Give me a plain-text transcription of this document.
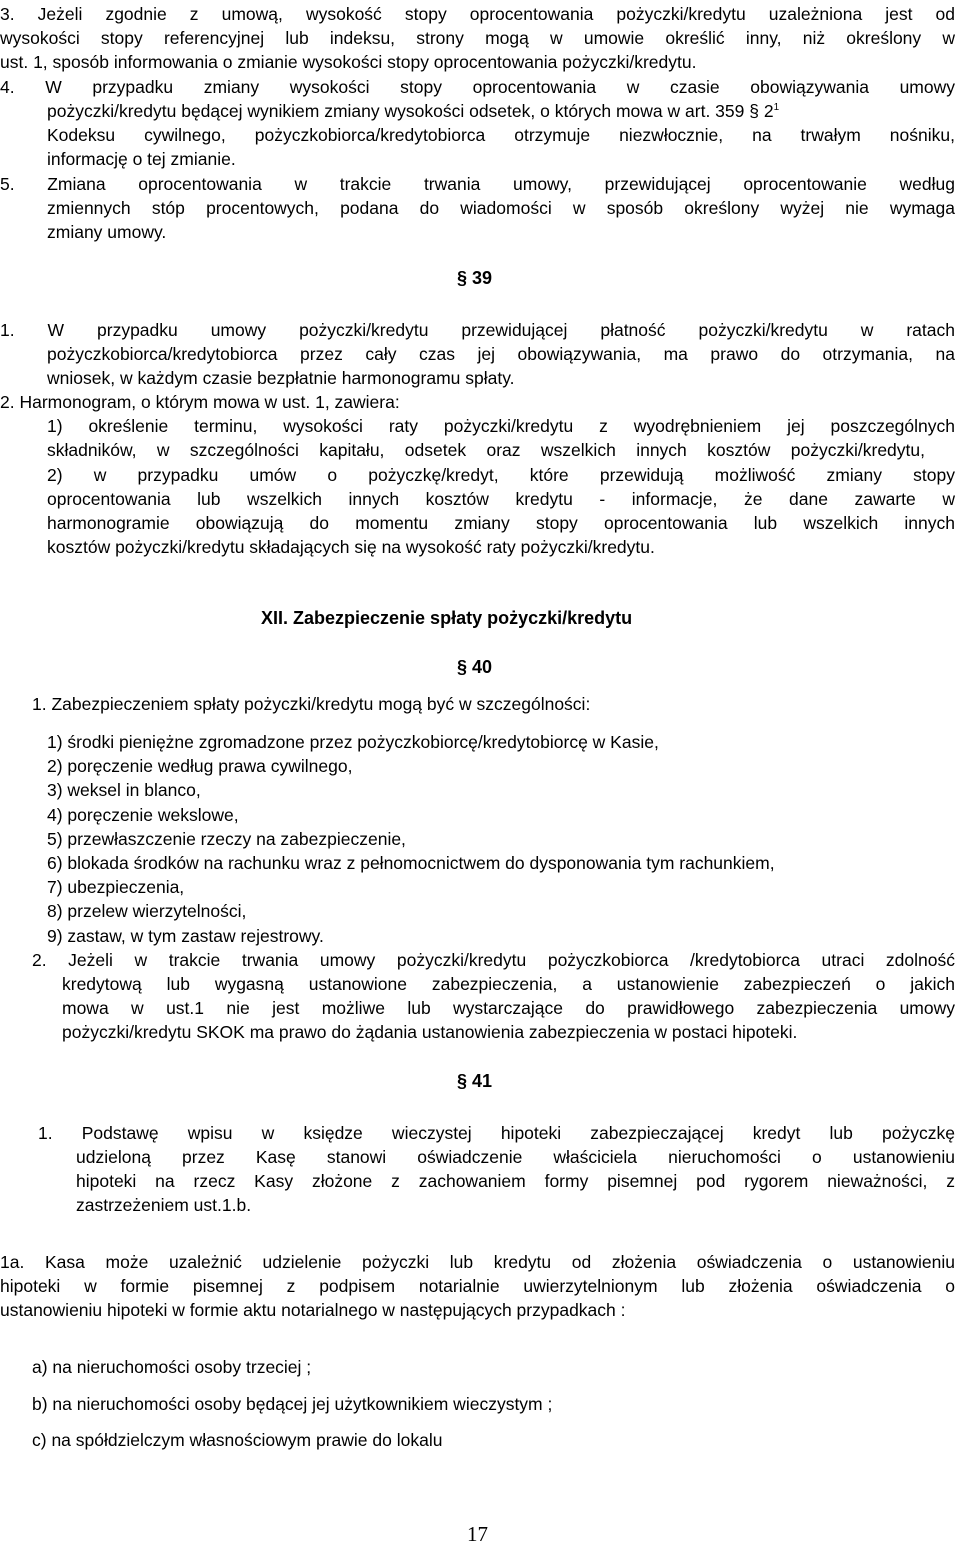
3. Jeżeli zgodnie z umową, wysokość stopy oprocentowania pożyczki/kredytu uzależniona jest od
wysokości stopy referencyjnej lub indeksu, strony mogą w umowie określić inny, niż określony w
ust. 1, sposób informowania o zmianie wysokości stopy oprocentowania pożyczki/kredytu.
4. W przypadku zmiany wysokości stopy oprocentowania w czasie obowiązywania umowy
pożyczki/kredytu będącej wynikiem zmiany wysokości odsetek, o których mowa w art. 359 § $2^1$
Kodeksu cywilnego, pożyczkobiorca/kredytobiorca otrzymuje niezwłocznie, na trwałym nośniku,
informację o tej zmianie.
5. Zmiana oprocentowania w trakcie trwania umowy, przewidującej oprocentowanie według
zmiennych stóp procentowych, podana do wiadomości w sposób określony wyżej nie wymaga
zmiany umowy.
§ 39
1. W przypadku umowy pożyczki/kredytu przewidującej płatność pożyczki/kredytu w ratach
pożyczkobiorca/kredytobiorca przez cały czas jej obowiązywania, ma prawo do otrzymania, na
wniosek, w każdym czasie bezpłatnie harmonogramu spłaty.
2. Harmonogram, o którym mowa w ust. 1, zawiera:
1) określenie terminu, wysokości raty pożyczki/kredytu z wyodrębnieniem jej poszczególnych
składników, w szczególności kapitału, odsetek oraz wszelkich innych kosztów pożyczki/kredytu,
2) w przypadku umów o pożyczkę/kredyt, które przewidują możliwość zmiany stopy
oprocentowania lub wszelkich innych kosztów kredytu - informacje, że dane zawarte w
harmonogramie obowiązują do momentu zmiany stopy oprocentowania lub wszelkich innych
kosztów pożyczki/kredytu składających się na wysokość raty pożyczki/kredytu.
XII. Zabezpieczenie spłaty pożyczki/kredytu
§ 40
1. Zabezpieczeniem spłaty pożyczki/kredytu mogą być w szczególności:
1) środki pieniężne zgromadzone przez pożyczkobiorcę/kredytobiorcę w Kasie,
2) poręczenie według prawa cywilnego,
3) weksel in blanco,
4) poręczenie wekslowe,
5) przewłaszczenie rzeczy na zabezpieczenie,
6) blokada środków na rachunku wraz z pełnomocnictwem do dysponowania tym rachunkiem,
7) ubezpieczenia,
8) przelew wierzytelności,
9) zastaw, w tym zastaw rejestrowy.
2. Jeżeli w trakcie trwania umowy pożyczki/kredytu pożyczkobiorca /kredytobiorca utraci zdolność
kredytową lub wygasną ustanowione zabezpieczenia, a ustanowienie zabezpieczeń o jakich
mowa w ust.1 nie jest możliwe lub wystarczające do prawidłowego zabezpieczenia umowy
pożyczki/kredytu SKOK ma prawo do żądania ustanowienia zabezpieczenia w postaci hipoteki.
§ 41
1. Podstawę wpisu w księdze wieczystej hipoteki zabezpieczającej kredyt lub pożyczkę
udzieloną przez Kasę stanowi oświadczenie właściciela nieruchomości o ustanowieniu
hipoteki na rzecz Kasy złożone z zachowaniem formy pisemnej pod rygorem nieważności, z
zastrzeżeniem ust.1.b.
1a. Kasa może uzależnić udzielenie pożyczki lub kredytu od złożenia oświadczenia o ustanowieniu
hipoteki w formie pisemnej z podpisem notarialnie uwierzytelnionym lub złożenia oświadczenia o
ustanowieniu hipoteki w formie aktu notarialnego w następujących przypadkach :
a) na nieruchomości osoby trzeciej ;
b) na nieruchomości osoby będącej jej użytkownikiem wieczystym ;
c) na spółdzielczym własnościowym prawie do lokalu
17
